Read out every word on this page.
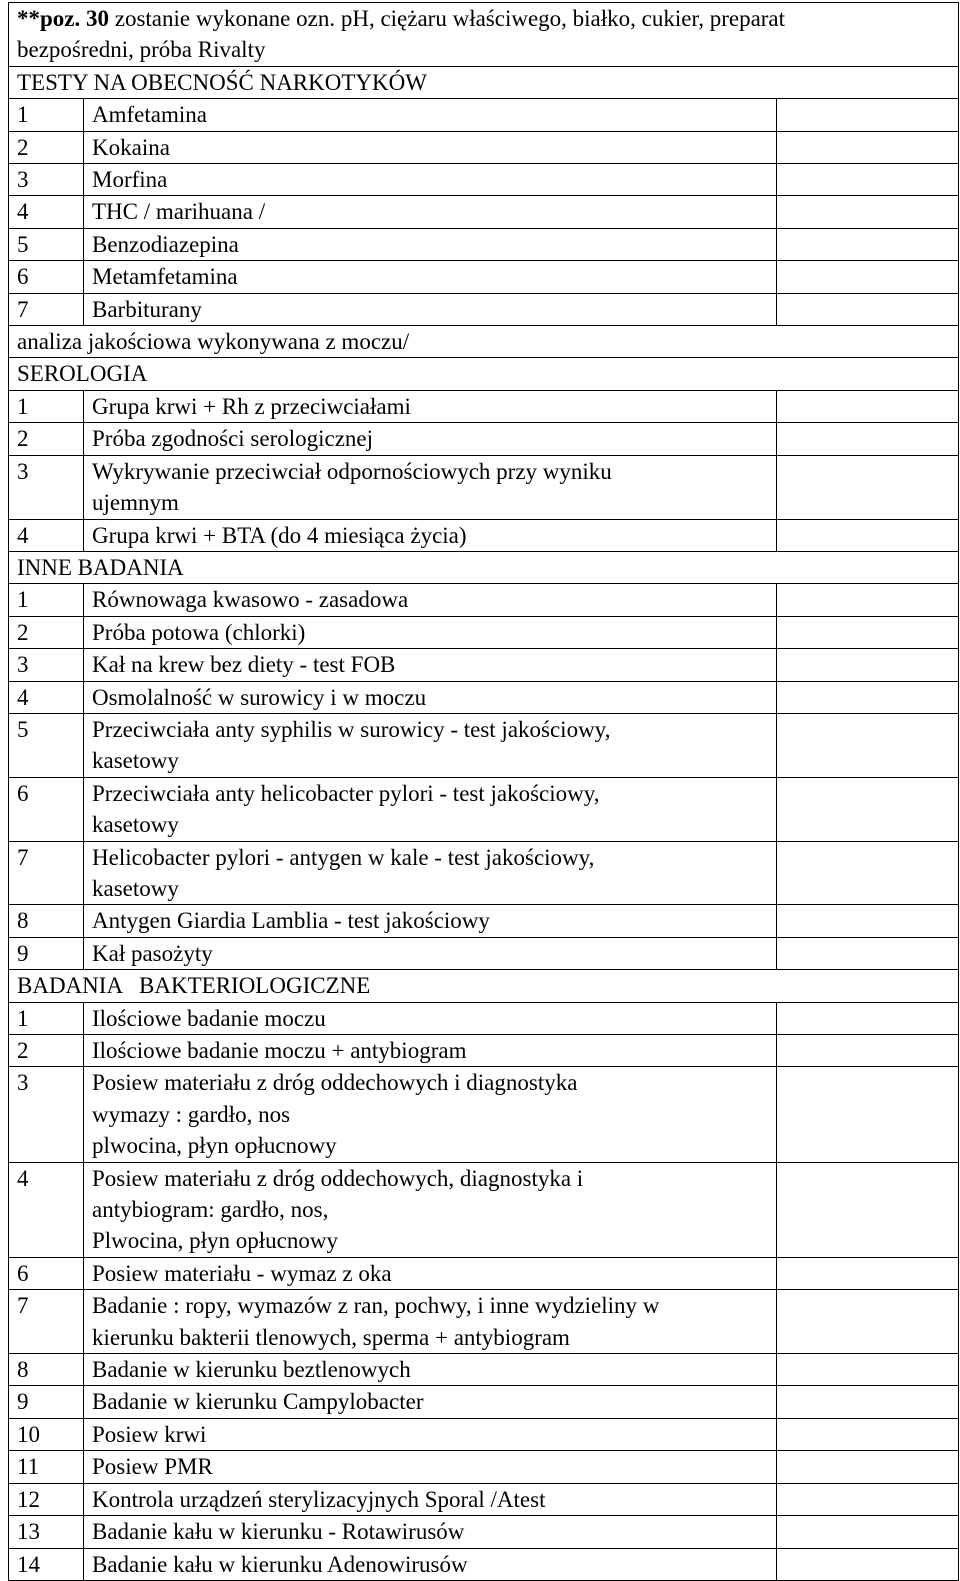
**poz. 30 zostanie wykonane ozn. pH, ciężaru właściwego, białko, cukier, preparat
bezpośredni, próba Rivalty		

TESTY NA OBECNOŚĆ NARKOTYKÓW		
1	Amfetamina	

2	Kokaina	

3	Morfina	

4	THC / marihuana /	

5	Benzodiazepina	

6	Metamfetamina	

7	Barbiturany	

analiza jakościowa wykonywana z moczu/		
SEROLOGIA		
1	Grupa krwi + Rh z przeciwciałami	

2	Próba zgodności serologicznej	

3	Wykrywanie przeciwciał odpornościowych przy wyniku
ujemnym	

4	Grupa krwi + BTA (do 4 miesiąca życia)	

INNE BADANIA		
1	Równowaga kwasowo - zasadowa	

2	Próba potowa (chlorki)	

3	Kał na krew bez diety - test FOB	

4	Osmolalność w surowicy i w moczu	

5	Przeciwciała anty syphilis w surowicy - test jakościowy,
kasetowy	

6	Przeciwciała anty helicobacter pylori - test jakościowy,
kasetowy	

7	Helicobacter pylori - antygen w kale - test jakościowy,
kasetowy	

8	Antygen Giardia Lamblia - test jakościowy	

9	Kał pasożyty	

BADANIA   BAKTERIOLOGICZNE		
1	Ilościowe badanie moczu	

2	Ilościowe badanie moczu + antybiogram	

3	Posiew materiału z dróg oddechowych i diagnostyka
wymazy : gardło, nos
plwocina, płyn opłucnowy	

4	Posiew materiału z dróg oddechowych, diagnostyka i
antybiogram: gardło, nos,
Plwocina, płyn opłucnowy	

6	Posiew materiału - wymaz z oka	

7	Badanie : ropy, wymazów z ran, pochwy, i inne wydzieliny w
kierunku bakterii tlenowych, sperma + antybiogram	

8	Badanie w kierunku beztlenowych	

9	Badanie w kierunku Campylobacter	

10	Posiew krwi	

11	Posiew PMR	

12	Kontrola urządzeń sterylizacyjnych Sporal /Atest	

13	Badanie kału w kierunku - Rotawirusów	

14	Badanie kału w kierunku Adenowirusów	
